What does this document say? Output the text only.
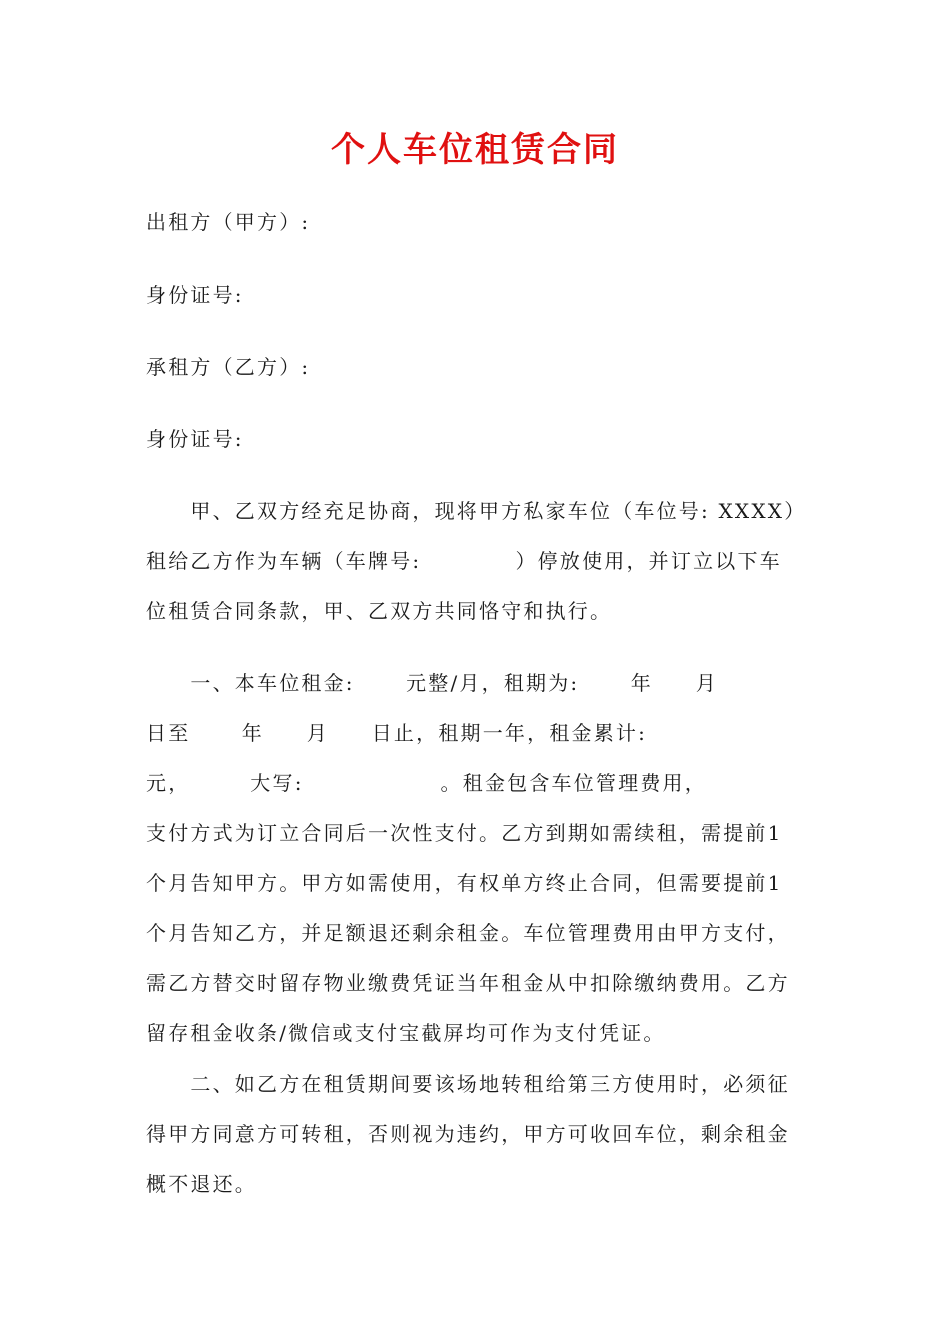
个人车位租赁合同
出租方（甲方）:
身份证号:
承租方（乙方）:
身份证号:
　　甲、乙双方经充足协商，现将甲方私家车位（车位号: XXXX）
租给乙方作为车辆（车牌号:           ）停放使用，并订立以下车
位租赁合同条款，甲、乙双方共同恪守和执行。
　　一、本车位租金:      元整/月，租期为:      年     月
日至      年     月     日止，租期一年，租金累计:
元，       大写:                。租金包含车位管理费用，
支付方式为订立合同后一次性支付。乙方到期如需续租，需提前1
个月告知甲方。甲方如需使用，有权单方终止合同，但需要提前1
个月告知乙方，并足额退还剩余租金。车位管理费用由甲方支付，
需乙方替交时留存物业缴费凭证当年租金从中扣除缴纳费用。乙方
留存租金收条/微信或支付宝截屏均可作为支付凭证。
　　二、如乙方在租赁期间要该场地转租给第三方使用时，必须征
得甲方同意方可转租，否则视为违约，甲方可收回车位，剩余租金
概不退还。
